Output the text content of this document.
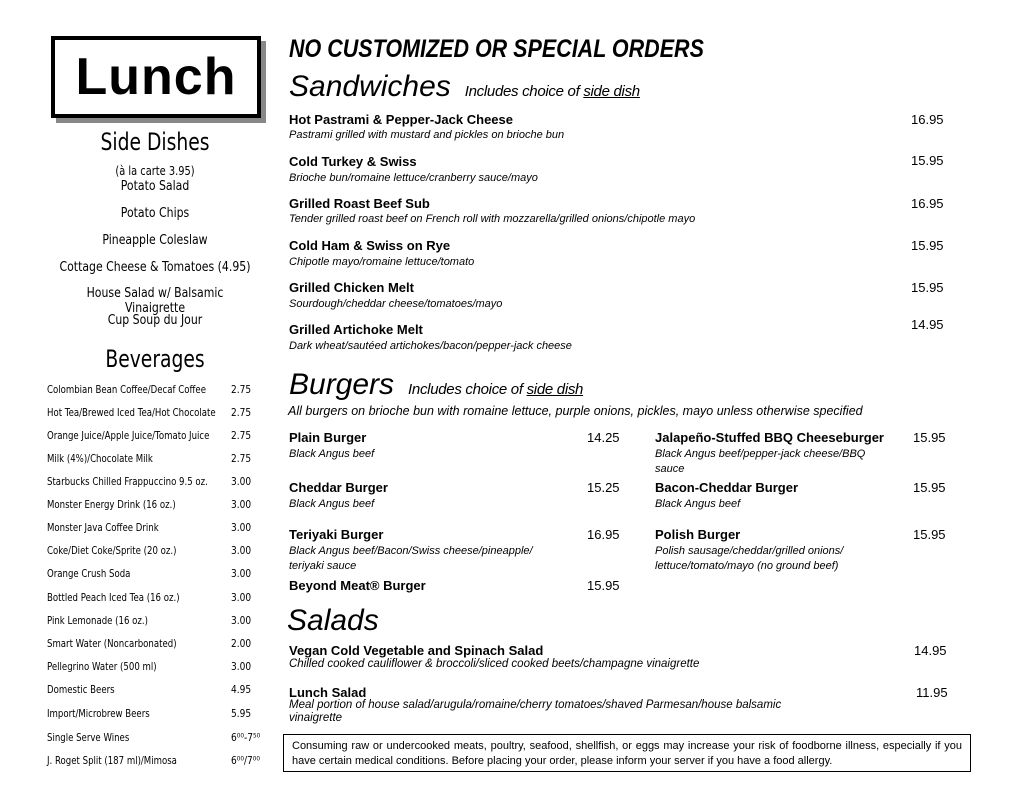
Lunch
Side Dishes
(à la carte 3.95)
Potato Salad
Potato Chips
Pineapple Coleslaw
Cottage Cheese & Tomatoes (4.95)
House Salad w/ Balsamic Vinaigrette
Cup Soup du Jour
Beverages
Colombian Bean Coffee/Decaf Coffee 2.75
Hot Tea/Brewed Iced Tea/Hot Chocolate 2.75
Orange Juice/Apple Juice/Tomato Juice 2.75
Milk (4%)/Chocolate Milk	2.75
Starbucks Chilled Frappuccino 9.5 oz. 3.00
Monster Energy Drink (16 oz.)	3.00
Monster Java Coffee Drink	3.00
Coke/Diet Coke/Sprite (20 oz.)	3.00
Orange Crush Soda	3.00
Bottled Peach Iced Tea (16 oz.)	3.00
Pink Lemonade (16 oz.)	3.00
Smart Water (Noncarbonated)	2.00
Pellegrino Water (500 ml)	3.00
Domestic Beers	4.95
Import/Microbrew Beers	5.95
Single Serve Wines	6⁰⁰-7⁵⁰
J. Roget Split (187 ml)/Mimosa	6⁰⁰/7⁰⁰
NO CUSTOMIZED OR SPECIAL ORDERS
Sandwiches Includes choice of side dish
Hot Pastrami & Pepper-Jack Cheese
Pastrami grilled with mustard and pickles on brioche bun
16.95
Cold Turkey & Swiss
Brioche bun/romaine lettuce/cranberry sauce/mayo
15.95
Grilled Roast Beef Sub
Tender grilled roast beef on French roll with mozzarella/grilled onions/chipotle mayo
16.95
Cold Ham & Swiss on Rye
Chipotle mayo/romaine lettuce/tomato
15.95
Grilled Chicken Melt
Sourdough/cheddar cheese/tomatoes/mayo
15.95
Grilled Artichoke Melt
Dark wheat/sautéed artichokes/bacon/pepper-jack cheese
14.95
Burgers Includes choice of side dish
All burgers on brioche bun with romaine lettuce, purple onions, pickles, mayo unless otherwise specified
Plain Burger
Black Angus beef
14.25
Cheddar Burger
Black Angus beef
15.25
Teriyaki Burger
Black Angus beef/Bacon/Swiss cheese/pineapple/
teriyaki sauce
16.95
Beyond Meat® Burger	15.95
Jalapeño-Stuffed BBQ Cheeseburger
Black Angus beef/pepper-jack cheese/BBQ
sauce
15.95
Bacon-Cheddar Burger
Black Angus beef
15.95
Polish Burger
Polish sausage/cheddar/grilled onions/
lettuce/tomato/mayo (no ground beef)
15.95
Salads
Vegan Cold Vegetable and Spinach Salad
Chilled cooked cauliflower & broccoli/sliced cooked beets/champagne vinaigrette
14.95
Lunch Salad
Meal portion of house salad/arugula/romaine/cherry tomatoes/shaved Parmesan/house balsamic
vinaigrette
11.95
Consuming raw or undercooked meats, poultry, seafood, shellfish, or eggs may increase your risk of foodborne illness, especially if you have certain medical conditions. Before placing your order, please inform your server if you have a food allergy.
